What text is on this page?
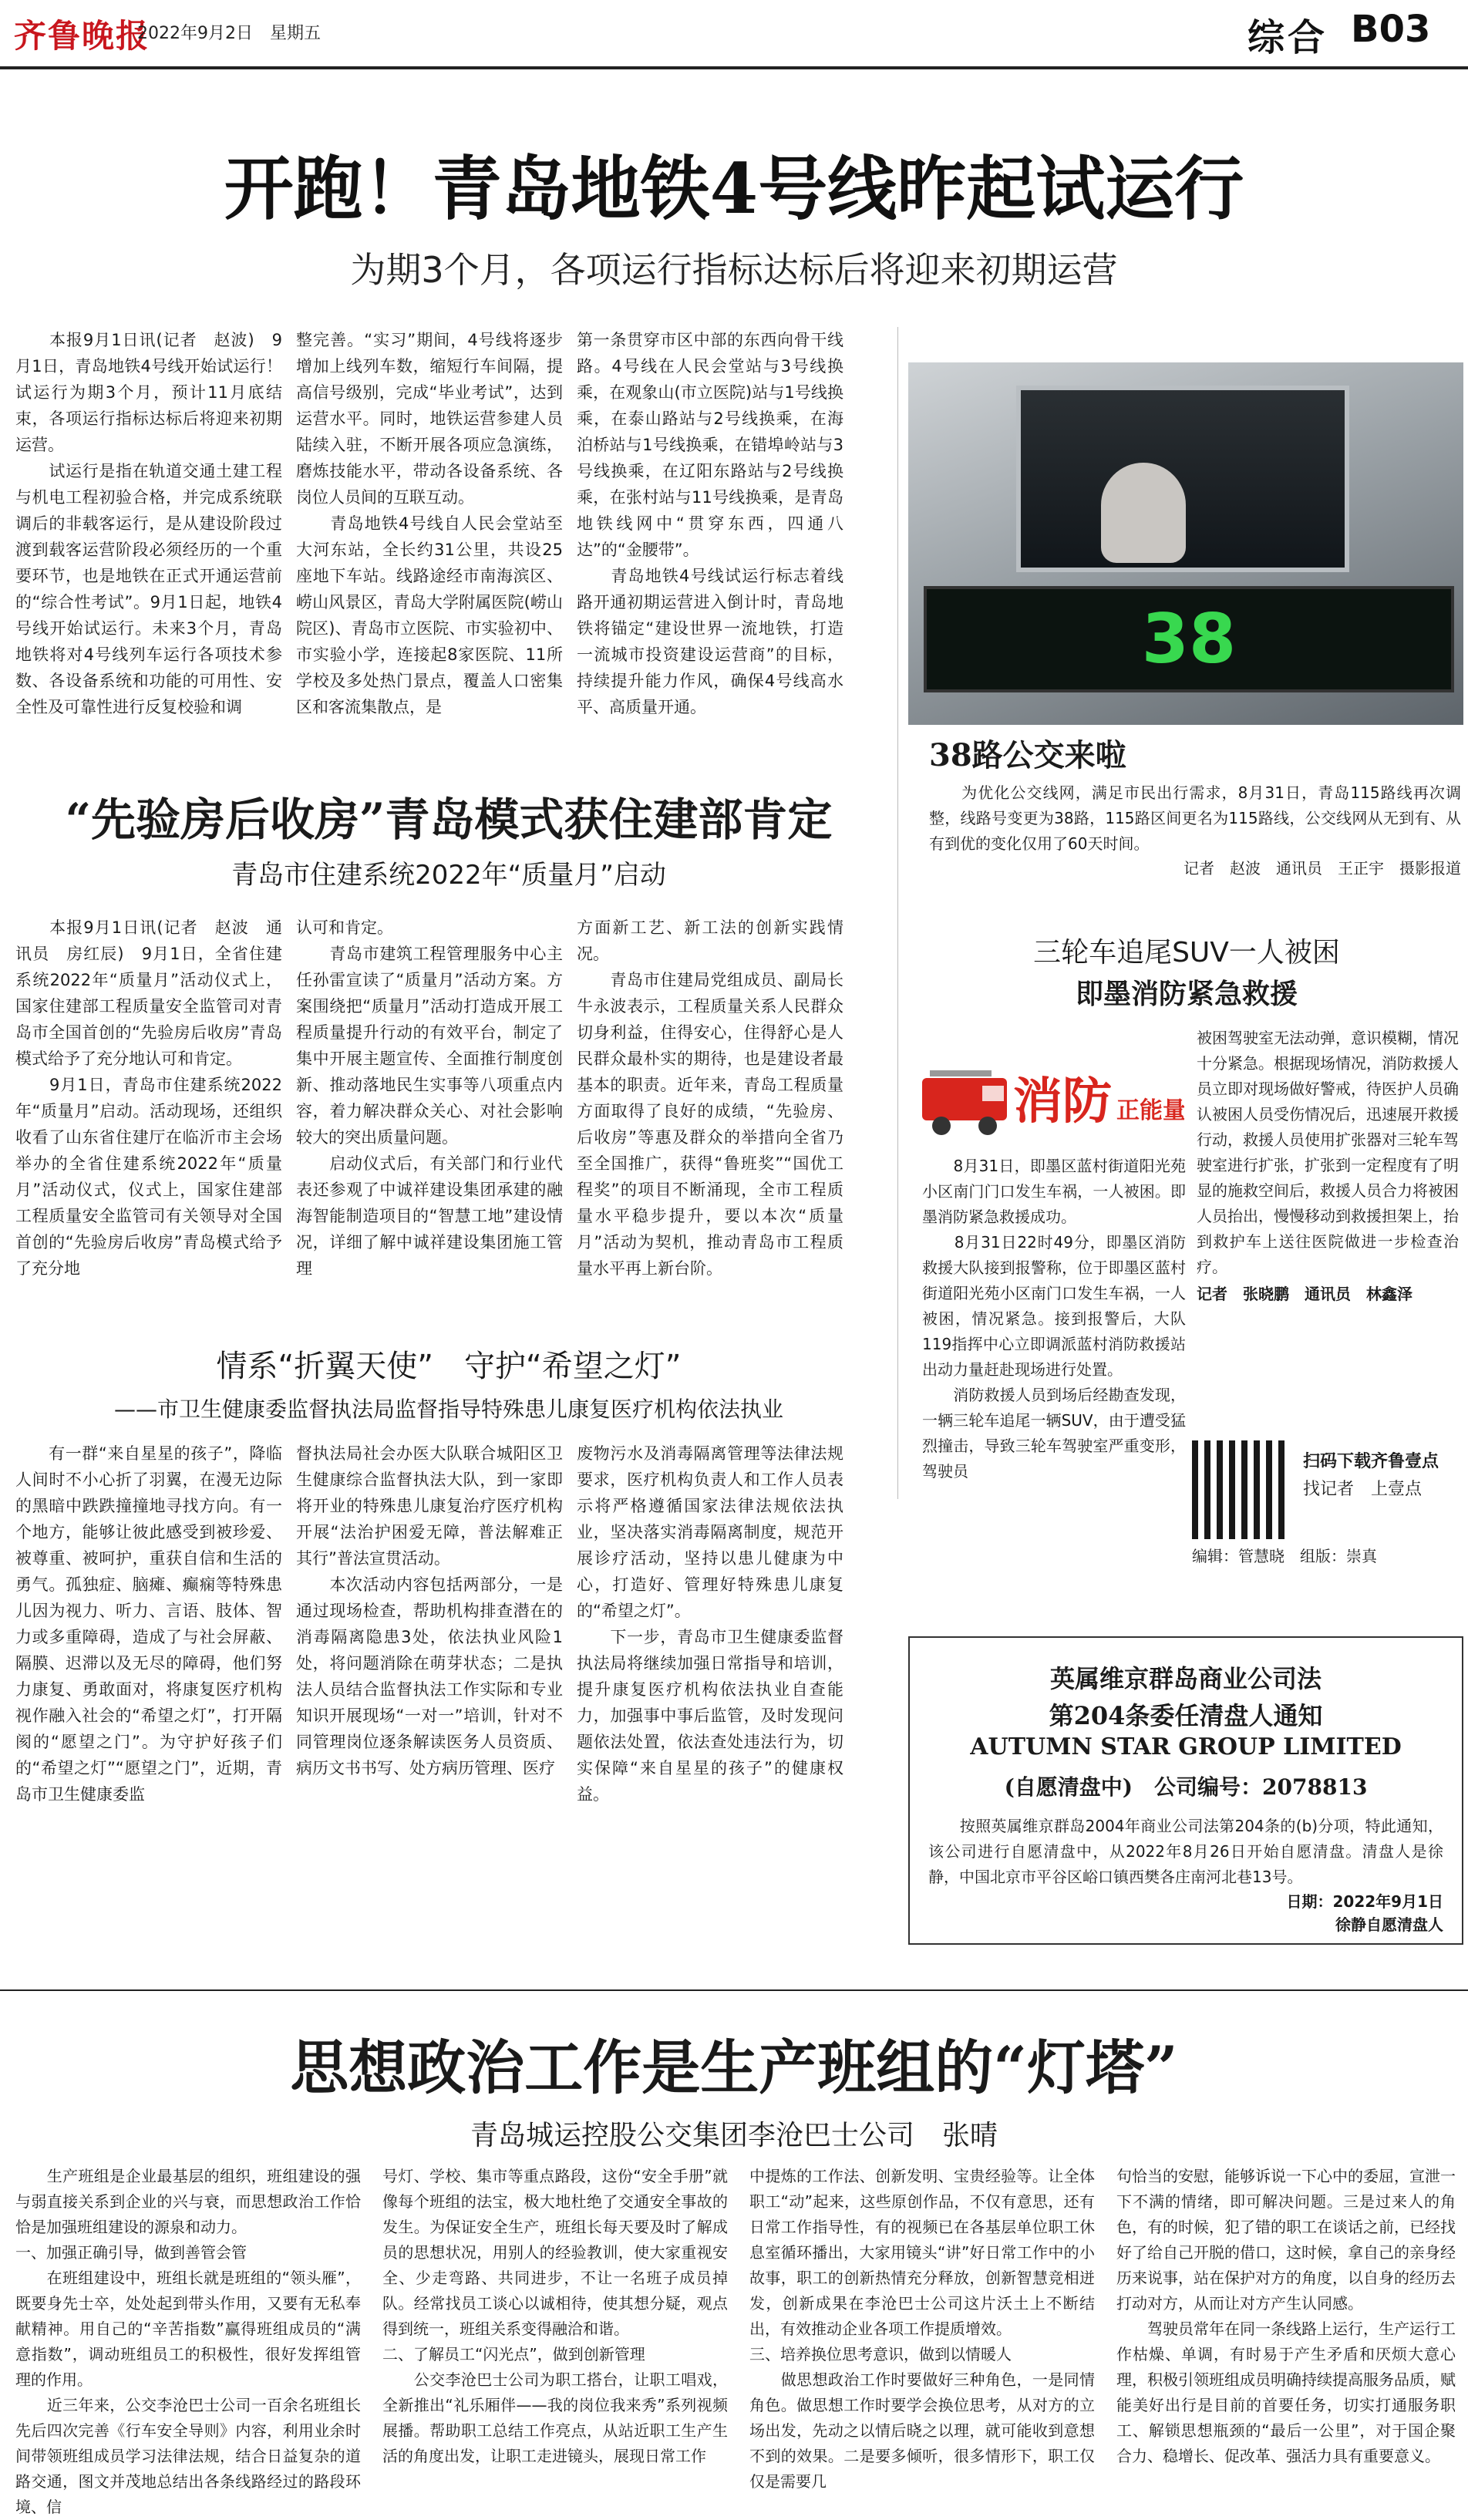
齐鲁晚报
2022年9月2日　星期五	综合 B03
开跑！青岛地铁4号线昨起试运行
为期3个月，各项运行指标达标后将迎来初期运营

　　本报9月1日讯(记者　赵波)　9月1日，青岛地铁4号线开始试运行！试运行为期3个月，预计11月底结束，各项运行指标达标后将迎来初期运营。
　　试运行是指在轨道交通土建工程与机电工程初验合格，并完成系统联调后的非载客运行，是从建设阶段过渡到载客运营阶段必须经历的一个重要环节，也是地铁在正式开通运营前的“综合性考试”。9月1日起，地铁4号线开始试运行。未来3个月，青岛地铁将对4号线列车运行各项技术参数、各设备系统和功能的可用性、安全性及可靠性进行反复校验和调

整完善。“实习”期间，4号线将逐步增加上线列车数，缩短行车间隔，提高信号级别，完成“毕业考试”，达到运营水平。同时，地铁运营参建人员陆续入驻，不断开展各项应急演练，磨炼技能水平，带动各设备系统、各岗位人员间的互联互动。
　　青岛地铁4号线自人民会堂站至大河东站，全长约31公里，共设25座地下车站。线路途经市南海滨区、崂山风景区，青岛大学附属医院(崂山院区)、青岛市立医院、市实验初中、市实验小学，连接起8家医院、11所学校及多处热门景点，覆盖人口密集区和客流集散点，是

第一条贯穿市区中部的东西向骨干线路。4号线在人民会堂站与3号线换乘，在观象山(市立医院)站与1号线换乘，在泰山路站与2号线换乘，在海泊桥站与1号线换乘，在错埠岭站与3号线换乘，在辽阳东路站与2号线换乘，在张村站与11号线换乘，是青岛地铁线网中“贯穿东西，四通八达”的“金腰带”。
　　青岛地铁4号线试运行标志着线路开通初期运营进入倒计时，青岛地铁将锚定“建设世界一流地铁，打造一流城市投资建设运营商”的目标，持续提升能力作风，确保4号线高水平、高质量开通。

38
38路公交来啦

　　为优化公交线网，满足市民出行需求，8月31日，青岛115路线再次调整，线路号变更为38路，115路区间更名为115路线，公交线网从无到有、从有到优的变化仅用了60天时间。

记者　赵波　通讯员　王正宇　摄影报道
“先验房后收房”青岛模式获住建部肯定
青岛市住建系统2022年“质量月”启动

　　本报9月1日讯(记者　赵波　通讯员　房红辰)　9月1日，全省住建系统2022年“质量月”活动仪式上，国家住建部工程质量安全监管司对青岛市全国首创的“先验房后收房”青岛模式给予了充分地认可和肯定。
　　9月1日，青岛市住建系统2022年“质量月”启动。活动现场，还组织收看了山东省住建厅在临沂市主会场举办的全省住建系统2022年“质量月”活动仪式，仪式上，国家住建部工程质量安全监管司有关领导对全国首创的“先验房后收房”青岛模式给予了充分地

认可和肯定。
　　青岛市建筑工程管理服务中心主任孙雷宣读了“质量月”活动方案。方案围绕把“质量月”活动打造成开展工程质量提升行动的有效平台，制定了集中开展主题宣传、全面推行制度创新、推动落地民生实事等八项重点内容，着力解决群众关心、对社会影响较大的突出质量问题。
　　启动仪式后，有关部门和行业代表还参观了中诚祥建设集团承建的融海智能制造项目的“智慧工地”建设情况，详细了解中诚祥建设集团施工管理

方面新工艺、新工法的创新实践情况。
　　青岛市住建局党组成员、副局长牛永波表示，工程质量关系人民群众切身利益，住得安心，住得舒心是人民群众最朴实的期待，也是建设者最基本的职责。近年来，青岛工程质量方面取得了良好的成绩，“先验房、后收房”等惠及群众的举措向全省乃至全国推广，获得“鲁班奖”“国优工程奖”的项目不断涌现，全市工程质量水平稳步提升，要以本次“质量月”活动为契机，推动青岛市工程质量水平再上新台阶。

情系“折翼天使”　守护“希望之灯”
——市卫生健康委监督执法局监督指导特殊患儿康复医疗机构依法执业

　　有一群“来自星星的孩子”，降临人间时不小心折了羽翼，在漫无边际的黑暗中跌跌撞撞地寻找方向。有一个地方，能够让彼此感受到被珍爱、被尊重、被呵护，重获自信和生活的勇气。孤独症、脑瘫、癫痫等特殊患儿因为视力、听力、言语、肢体、智力或多重障碍，造成了与社会屏蔽、隔膜、迟滞以及无尽的障碍，他们努力康复、勇敢面对，将康复医疗机构视作融入社会的“希望之灯”，打开隔阂的“愿望之门”。为守护好孩子们的“希望之灯”“愿望之门”，近期，青岛市卫生健康委监

督执法局社会办医大队联合城阳区卫生健康综合监督执法大队，到一家即将开业的特殊患儿康复治疗医疗机构开展“法治护困爱无障，普法解难正其行”普法宣贯活动。
　　本次活动内容包括两部分，一是通过现场检查，帮助机构排查潜在的消毒隔离隐患3处，依法执业风险1处，将问题消除在萌芽状态；二是执法人员结合监督执法工作实际和专业知识开展现场“一对一”培训，针对不同管理岗位逐条解读医务人员资质、病历文书书写、处方病历管理、医疗

废物污水及消毒隔离管理等法律法规要求，医疗机构负责人和工作人员表示将严格遵循国家法律法规依法执业，坚决落实消毒隔离制度，规范开展诊疗活动，坚持以患儿健康为中心，打造好、管理好特殊患儿康复的“希望之灯”。
　　下一步，青岛市卫生健康委监督执法局将继续加强日常指导和培训，提升康复医疗机构依法执业自查能力，加强事中事后监管，及时发现问题依法处置，依法查处违法行为，切实保障“来自星星的孩子”的健康权益。

三轮车追尾SUV一人被困
即墨消防紧急救援
消防 正能量

　　8月31日，即墨区蓝村街道阳光苑小区南门门口发生车祸，一人被困。即墨消防紧急救援成功。
　　8月31日22时49分，即墨区消防救援大队接到报警称，位于即墨区蓝村街道阳光苑小区南门口发生车祸，一人被困，情况紧急。接到报警后，大队119指挥中心立即调派蓝村消防救援站出动力量赶赴现场进行处置。
　　消防救援人员到场后经勘查发现，一辆三轮车追尾一辆SUV，由于遭受猛烈撞击，导致三轮车驾驶室严重变形，驾驶员

被困驾驶室无法动弹，意识模糊，情况十分紧急。根据现场情况，消防救援人员立即对现场做好警戒，待医护人员确认被困人员受伤情况后，迅速展开救援行动，救援人员使用扩张器对三轮车驾驶室进行扩张，扩张到一定程度有了明显的施救空间后，救援人员合力将被困人员抬出，慢慢移动到救援担架上，抬到救护车上送往医院做进一步检查治疗。

记者　张晓鹏　通讯员　林鑫泽
扫码下载齐鲁壹点
找记者　上壹点
编辑：管慧晓　组版：崇真
英属维京群岛商业公司法
第204条委任清盘人通知
AUTUMN STAR GROUP LIMITED
(自愿清盘中)　公司编号：2078813

　　按照英属维京群岛2004年商业公司法第204条的(b)分项，特此通知，该公司进行自愿清盘中，从2022年8月26日开始自愿清盘。清盘人是徐静，中国北京市平谷区峪口镇西樊各庄南河北巷13号。

日期：2022年9月1日
徐静自愿清盘人
思想政治工作是生产班组的“灯塔”
青岛城运控股公交集团李沧巴士公司　张晴

　　生产班组是企业最基层的组织，班组建设的强与弱直接关系到企业的兴与衰，而思想政治工作恰恰是加强班组建设的源泉和动力。
一、加强正确引导，做到善管会管
　　在班组建设中，班组长就是班组的“领头雁”，既要身先士卒，处处起到带头作用，又要有无私奉献精神。用自己的“辛苦指数”赢得班组成员的“满意指数”，调动班组员工的积极性，很好发挥组管理的作用。
　　近三年来，公交李沧巴士公司一百余名班组长先后四次完善《行车安全导则》内容，利用业余时间带领班组成员学习法律法规，结合日益复杂的道路交通，图文并茂地总结出各条线路经过的路段环境、信

号灯、学校、集市等重点路段，这份“安全手册”就像每个班组的法宝，极大地杜绝了交通安全事故的发生。为保证安全生产，班组长每天要及时了解成员的思想状况，用别人的经验教训，使大家重视安全、少走弯路、共同进步，不让一名班子成员掉队。经常找员工谈心以诚相待，使其想分疑，观点得到统一，班组关系变得融洽和谐。
二、了解员工“闪光点”，做到创新管理
　　公交李沧巴士公司为职工搭台，让职工唱戏，全新推出“礼乐厢伴——我的岗位我来秀”系列视频展播。帮助职工总结工作亮点，从站近职工生产生活的角度出发，让职工走进镜头，展现日常工作

中提炼的工作法、创新发明、宝贵经验等。让全体职工“动”起来，这些原创作品，不仅有意思，还有日常工作指导性，有的视频已在各基层单位职工休息室循环播出，大家用镜头“讲”好日常工作中的小故事，职工的创新热情充分释放，创新智慧竞相迸发，创新成果在李沧巴士公司这片沃土上不断结出，有效推动企业各项工作提质增效。
三、培养换位思考意识，做到以情暖人
　　做思想政治工作时要做好三种角色，一是同情角色。做思想工作时要学会换位思考，从对方的立场出发，先动之以情后晓之以理，就可能收到意想不到的效果。二是要多倾听，很多情形下，职工仅仅是需要几

句恰当的安慰，能够诉说一下心中的委屈，宣泄一下不满的情绪，即可解决问题。三是过来人的角色，有的时候，犯了错的职工在谈话之前，已经找好了给自己开脱的借口，这时候，拿自己的亲身经历来说事，站在保护对方的角度，以自身的经历去打动对方，从而让对方产生认同感。
　　驾驶员常年在同一条线路上运行，生产运行工作枯燥、单调，有时易于产生矛盾和厌烦大意心理，积极引领班组成员明确持续提高服务品质，赋能美好出行是目前的首要任务，切实打通服务职工、解锁思想瓶颈的“最后一公里”，对于国企聚合力、稳增长、促改革、强活力具有重要意义。
